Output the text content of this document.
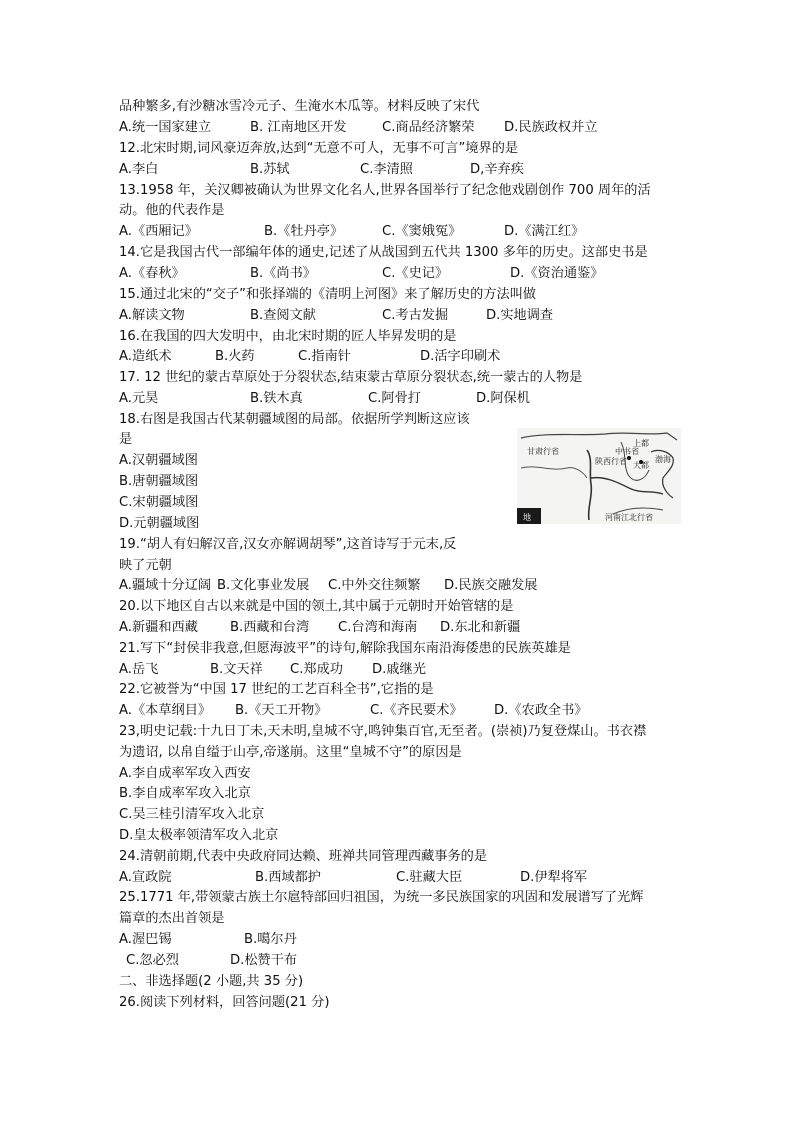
品种繁多,有沙糖冰雪冷元子、生淹水木瓜等。材料反映了宋代
A.统一国家建立	B. 江南地区开发	C.商品经济繁荣 D.民族政权并立
12.北宋时期,词风豪迈奔放,达到“无意不可人，无事不可言”境界的是
A.李白	B.苏轼	C.李清照	D,辛弃疾
13.1958 年，关汉卿被确认为世界文化名人,世界各国举行了纪念他戏剧创作 700 周年的活
动。他的代表作是
A.《西厢记》	B.《牡丹亭》	C.《窦娥冤》	D.《满江红》
14.它是我国古代一部编年体的通史,记述了从战国到五代共 1300 多年的历史。这部史书是
A.《春秋》	B.《尚书》	C.《史记》	D.《资治通鉴》
15.通过北宋的“交子”和张择端的《清明上河图》来了解历史的方法叫做
A.解读文物	B.查阅文献	C.考古发掘	D.实地调查
16.在我国的四大发明中，由北宋时期的匠人毕昇发明的是
A.造纸术	B.火药	C.指南针	D.活字印刷术
17. 12 世纪的蒙古草原处于分裂状态,结束蒙古草原分裂状态,统一蒙古的人物是
A.元昊	B.铁木真	C.阿骨打	D.阿保机
18.右图是我国古代某朝疆域图的局部。依据所学判断这应该
是
A.汉朝疆域图
B.唐朝疆域图
C.宋朝疆域图
D.元朝疆域图
甘肃行省
陕西行省
中书省
上都
大都
渤海
河南江北行省
地
19.“胡人有妇解汉音,汉女亦解调胡琴”,这首诗写于元末,反
映了元朝
A.疆域十分辽阔 B.文化事业发展 C.中外交往频繁 D.民族交融发展
20.以下地区自古以来就是中国的领土,其中属于元朝时开始管辖的是
A.新疆和西藏 B.西藏和台湾 C.台湾和海南 D.东北和新疆
21.写下“封侯非我意,但愿海波平”的诗句,解除我国东南沿海倭患的民族英雄是
A.岳飞	B.文天祥 C.郑成功 D.戚继光
22.它被誉为“中国 17 世纪的工艺百科全书”,它指的是
A.《本草纲目》 B.《天工开物》	C.《齐民要术》 D.《农政全书》
23,明史记载:十九日丁未,天未明,皇城不守,鸣钟集百官,无至者。(崇祯)乃复登煤山。书衣襟
为遗诏, 以帛自缢于山亭,帝遂崩。这里“皇城不守”的原因是
A.李自成率军攻入西安
B.李自成率军攻入北京
C.吴三桂引清军攻入北京
D.皇太极率领清军攻入北京
24.清朝前期,代表中央政府同达赖、班禅共同管理西藏事务的是
A.宣政院	B.西域都护	C.驻藏大臣	D.伊犁将军
25.1771 年,带领蒙古族土尔扈特部回归祖国，为统一多民族国家的巩固和发展谱写了光辉
篇章的杰出首领是
A.渥巴锡	B.噶尔丹
C.忽必烈	D.松赞干布
二、非选择题(2 小题,共 35 分)
26.阅读下列材料，回答问题(21 分)
